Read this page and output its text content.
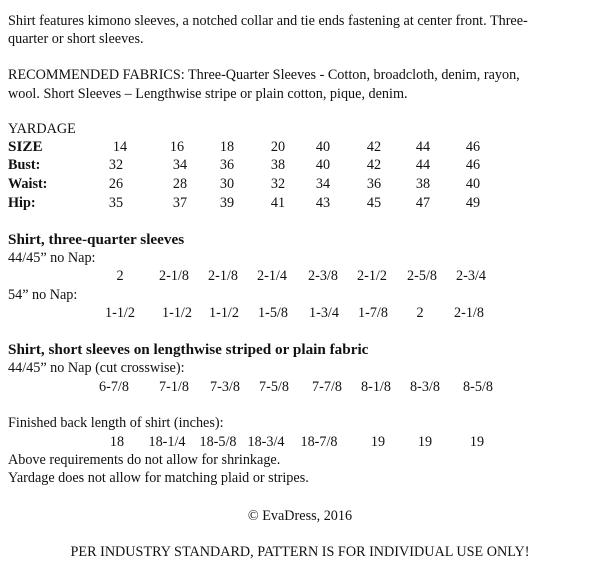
Shirt features kimono sleeves, a notched collar and tie ends fastening at center front. Three-
quarter or short sleeves.
RECOMMENDED FABRICS: Three-Quarter Sleeves - Cotton, broadcloth, denim, rayon,
wool. Short Sleeves – Lengthwise stripe or plain cotton, pique, denim.
YARDAGE
SIZE	14	16	18	20 40	42 44	46
Bust:	32	34 36	38 40	42 44	46
Waist:	26	28 30	32 34	36 38	40
Hip:	35	37 39	41 43	45 47	49
Shirt, three-quarter sleeves
44/45” no Nap:
2 2-1/8 2-1/8 2-1/4 2-3/8 2-1/2 2-5/8 2-3/4
54” no Nap:
1-1/2 1-1/2 1-1/2 1-5/8 1-3/4 1-7/8 2 2-1/8
Shirt, short sleeves on lengthwise striped or plain fabric
44/45” no Nap (cut crosswise):
6-7/8 7-1/8 7-3/8 7-5/8 7-7/8 8-1/8 8-3/8 8-5/8
Finished back length of shirt (inches):
18 18-1/4 18-5/8 18-3/4 18-7/8 19 19	19
Above requirements do not allow for shrinkage.
Yardage does not allow for matching plaid or stripes.
© EvaDress, 2016
PER INDUSTRY STANDARD, PATTERN IS FOR INDIVIDUAL USE ONLY!
